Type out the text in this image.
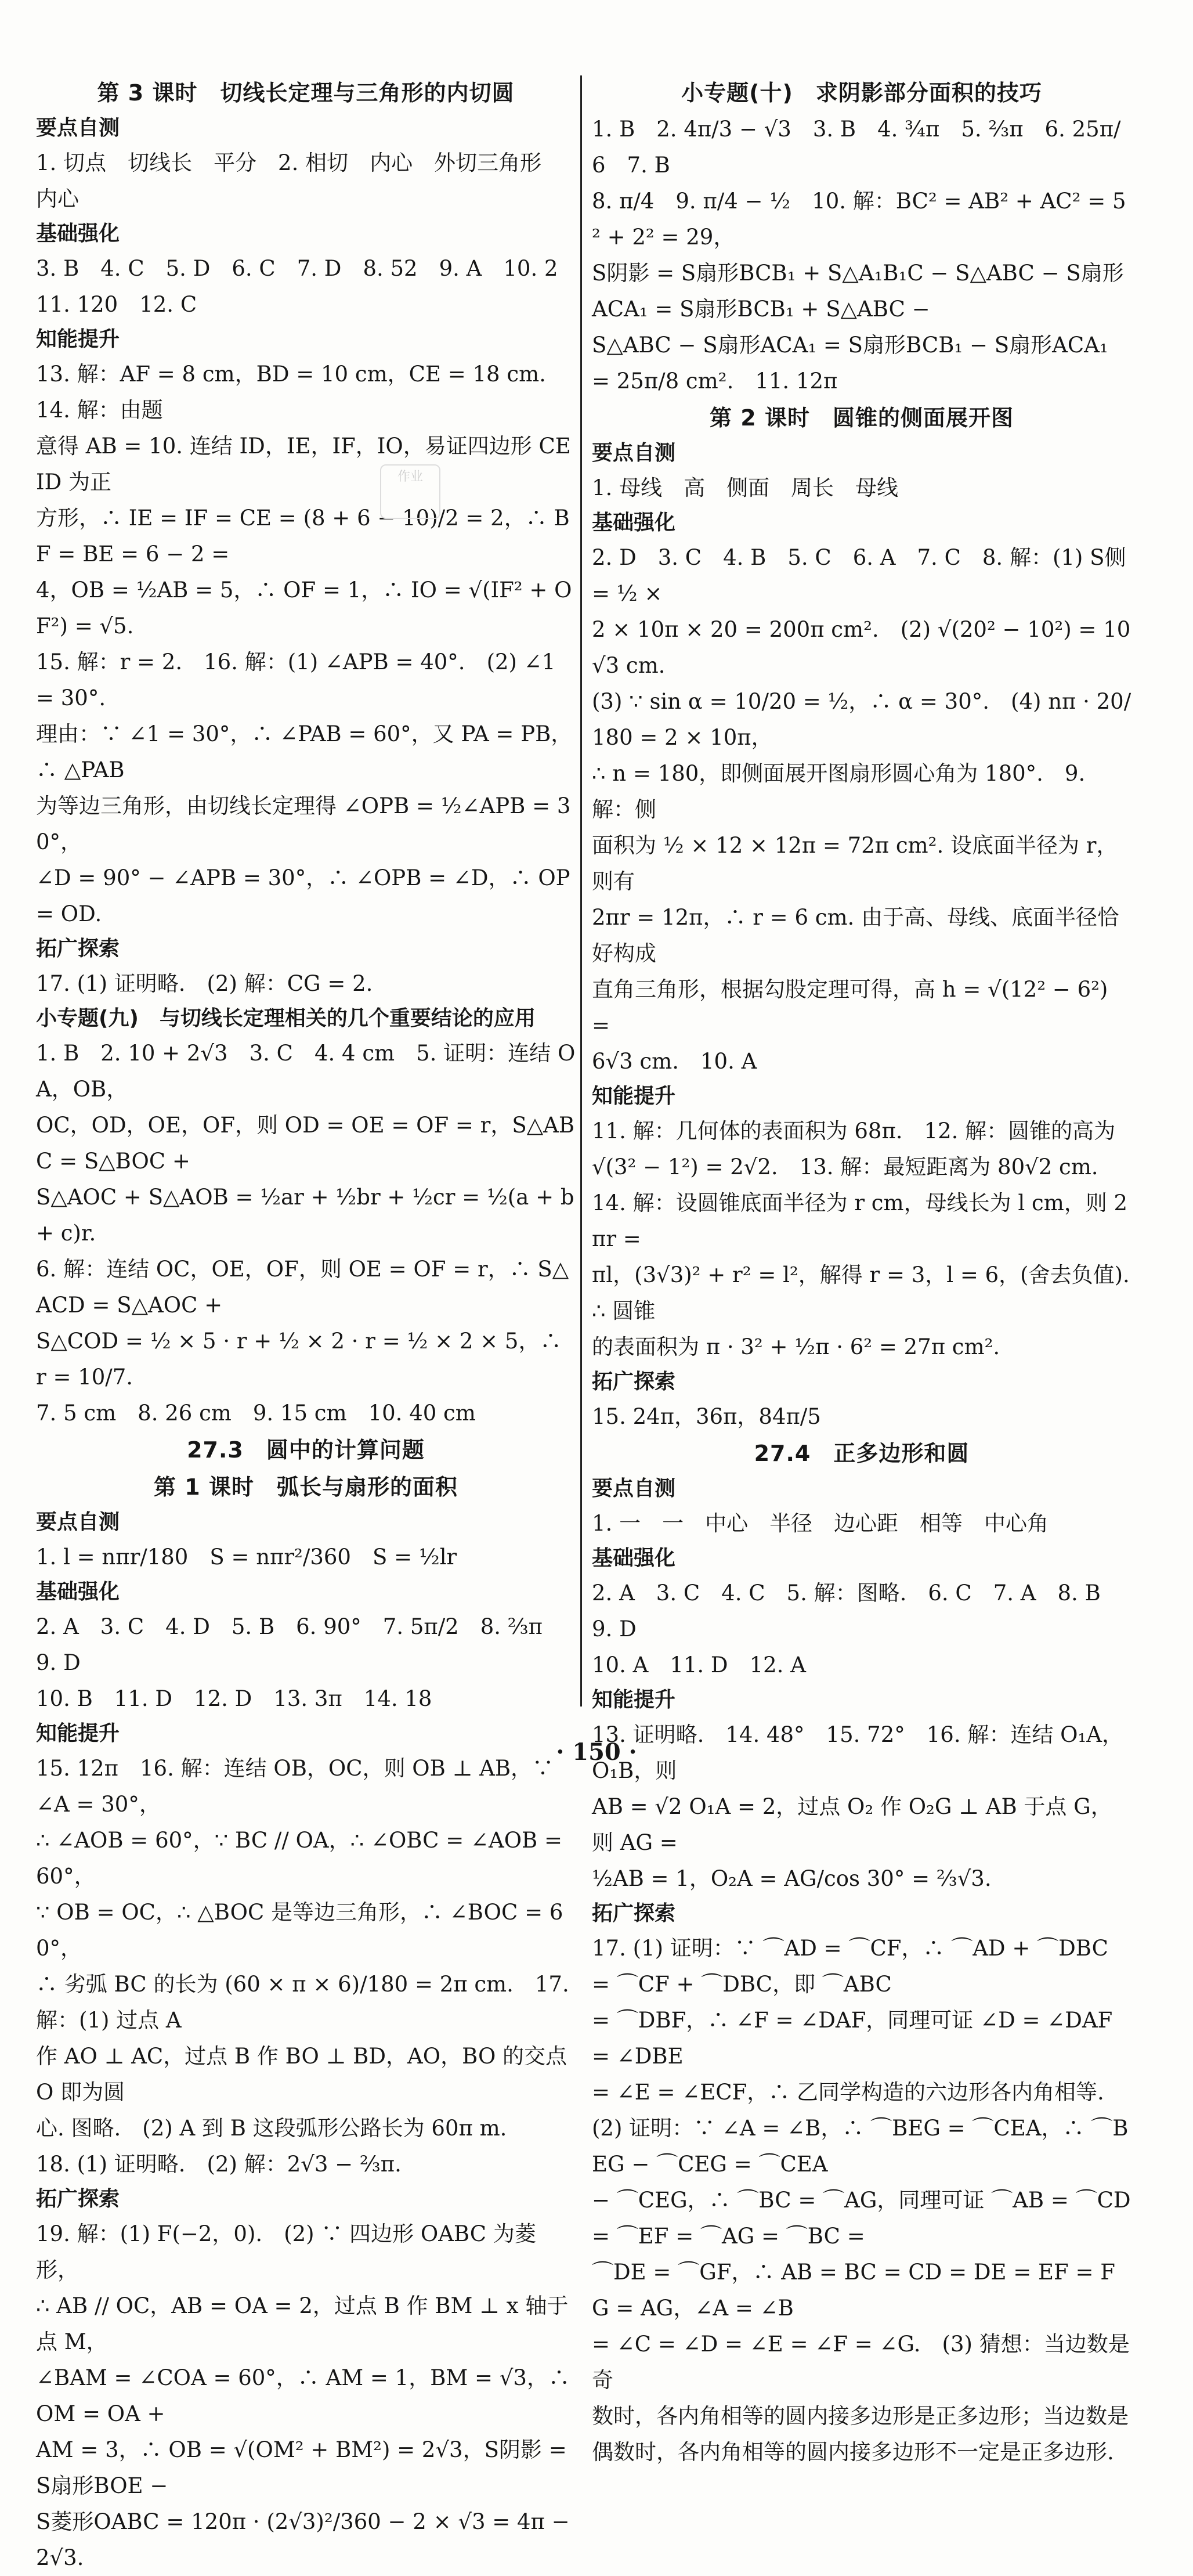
第 3 课时　切线长定理与三角形的内切圆
要点自测
1. 切点　切线长　平分　2. 相切　内心　外切三角形
内心
基础强化
3. B　4. C　5. D　6. C　7. D　8. 52　9. A　10. 2
11. 120　12. C
知能提升
13. 解：AF = 8 cm，BD = 10 cm，CE = 18 cm.　14. 解：由题
意得 AB = 10. 连结 ID，IE，IF，IO，易证四边形 CEID 为正
方形，∴ IE = IF = CE = (8 + 6 − 10)/2 = 2，∴ BF = BE = 6 − 2 =
4，OB = ½AB = 5，∴ OF = 1，∴ IO = √(IF² + OF²) = √5.
15. 解：r = 2.　16. 解：(1) ∠APB = 40°.　(2) ∠1 = 30°.
理由：∵ ∠1 = 30°，∴ ∠PAB = 60°，又 PA = PB，∴ △PAB
为等边三角形，由切线长定理得 ∠OPB = ½∠APB = 30°，
∠D = 90° − ∠APB = 30°，∴ ∠OPB = ∠D，∴ OP = OD.
拓广探索
17. (1) 证明略.　(2) 解：CG = 2.
小专题(九)　与切线长定理相关的几个重要结论的应用
1. B　2. 10 + 2√3　3. C　4. 4 cm　5. 证明：连结 OA，OB，
OC，OD，OE，OF，则 OD = OE = OF = r，S△ABC = S△BOC +
S△AOC + S△AOB = ½ar + ½br + ½cr = ½(a + b + c)r.
6. 解：连结 OC，OE，OF，则 OE = OF = r，∴ S△ACD = S△AOC +
S△COD = ½ × 5 · r + ½ × 2 · r = ½ × 2 × 5，∴ r = 10/7.
7. 5 cm　8. 26 cm　9. 15 cm　10. 40 cm
27.3　圆中的计算问题
第 1 课时　弧长与扇形的面积
要点自测
1. l = nπr/180　S = nπr²/360　S = ½lr
基础强化
2. A　3. C　4. D　5. B　6. 90°　7. 5π/2　8. ⅔π　9. D
10. B　11. D　12. D　13. 3π　14. 18
知能提升
15. 12π　16. 解：连结 OB，OC，则 OB ⊥ AB，∵ ∠A = 30°，
∴ ∠AOB = 60°，∵ BC // OA，∴ ∠OBC = ∠AOB = 60°，
∵ OB = OC，∴ △BOC 是等边三角形，∴ ∠BOC = 60°，
∴ 劣弧 BC 的长为 (60 × π × 6)/180 = 2π cm.　17. 解：(1) 过点 A
作 AO ⊥ AC，过点 B 作 BO ⊥ BD，AO，BO 的交点 O 即为圆
心. 图略.　(2) A 到 B 这段弧形公路长为 60π m.
18. (1) 证明略.　(2) 解：2√3 − ⅔π.
拓广探索
19. 解：(1) F(−2，0).　(2) ∵ 四边形 OABC 为菱形，
∴ AB // OC，AB = OA = 2，过点 B 作 BM ⊥ x 轴于点 M，
∠BAM = ∠COA = 60°，∴ AM = 1，BM = √3，∴ OM = OA +
AM = 3，∴ OB = √(OM² + BM²) = 2√3，S阴影 = S扇形BOE −
S菱形OABC = 120π · (2√3)²/360 − 2 × √3 = 4π − 2√3.
小专题(十)　求阴影部分面积的技巧
1. B　2. 4π/3 − √3　3. B　4. ¾π　5. ⅔π　6. 25π/6　7. B
8. π/4　9. π/4 − ½　10. 解：BC² = AB² + AC² = 5² + 2² = 29，
S阴影 = S扇形BCB₁ + S△A₁B₁C − S△ABC − S扇形ACA₁ = S扇形BCB₁ + S△ABC −
S△ABC − S扇形ACA₁ = S扇形BCB₁ − S扇形ACA₁ = 25π/8 cm².　11. 12π
第 2 课时　圆锥的侧面展开图
要点自测
1. 母线　高　侧面　周长　母线
基础强化
2. D　3. C　4. B　5. C　6. A　7. C　8. 解：(1) S侧 = ½ ×
2 × 10π × 20 = 200π cm².　(2) √(20² − 10²) = 10√3 cm.
(3) ∵ sin α = 10/20 = ½，∴ α = 30°.　(4) nπ · 20/180 = 2 × 10π，
∴ n = 180，即侧面展开图扇形圆心角为 180°.　9. 解：侧
面积为 ½ × 12 × 12π = 72π cm². 设底面半径为 r，则有
2πr = 12π，∴ r = 6 cm. 由于高、母线、底面半径恰好构成
直角三角形，根据勾股定理可得，高 h = √(12² − 6²) =
6√3 cm.　10. A
知能提升
11. 解：几何体的表面积为 68π.　12. 解：圆锥的高为
√(3² − 1²) = 2√2.　13. 解：最短距离为 80√2 cm.
14. 解：设圆锥底面半径为 r cm，母线长为 l cm，则 2πr =
πl，(3√3)² + r² = l²，解得 r = 3，l = 6，(舍去负值). ∴ 圆锥
的表面积为 π · 3² + ½π · 6² = 27π cm².
拓广探索
15. 24π，36π，84π/5
27.4　正多边形和圆
要点自测
1. 一　一　中心　半径　边心距　相等　中心角
基础强化
2. A　3. C　4. C　5. 解：图略.　6. C　7. A　8. B　9. D
10. A　11. D　12. A
知能提升
13. 证明略.　14. 48°　15. 72°　16. 解：连结 O₁A，O₁B，则
AB = √2 O₁A = 2，过点 O₂ 作 O₂G ⊥ AB 于点 G，则 AG =
½AB = 1，O₂A = AG/cos 30° = ⅔√3.
拓广探索
17. (1) 证明：∵ ⌒AD = ⌒CF，∴ ⌒AD + ⌒DBC = ⌒CF + ⌒DBC，即 ⌒ABC
= ⌒DBF，∴ ∠F = ∠DAF，同理可证 ∠D = ∠DAF = ∠DBE
= ∠E = ∠ECF，∴ 乙同学构造的六边形各内角相等.
(2) 证明：∵ ∠A = ∠B，∴ ⌒BEG = ⌒CEA，∴ ⌒BEG − ⌒CEG = ⌒CEA
− ⌒CEG，∴ ⌒BC = ⌒AG，同理可证 ⌒AB = ⌒CD = ⌒EF = ⌒AG = ⌒BC =
⌒DE = ⌒GF，∴ AB = BC = CD = DE = EF = FG = AG，∠A = ∠B
= ∠C = ∠D = ∠E = ∠F = ∠G.　(3) 猜想：当边数是奇
数时，各内角相等的圆内接多边形是正多边形；当边数是
偶数时，各内角相等的圆内接多边形不一定是正多边形.
作业
· 150 ·
